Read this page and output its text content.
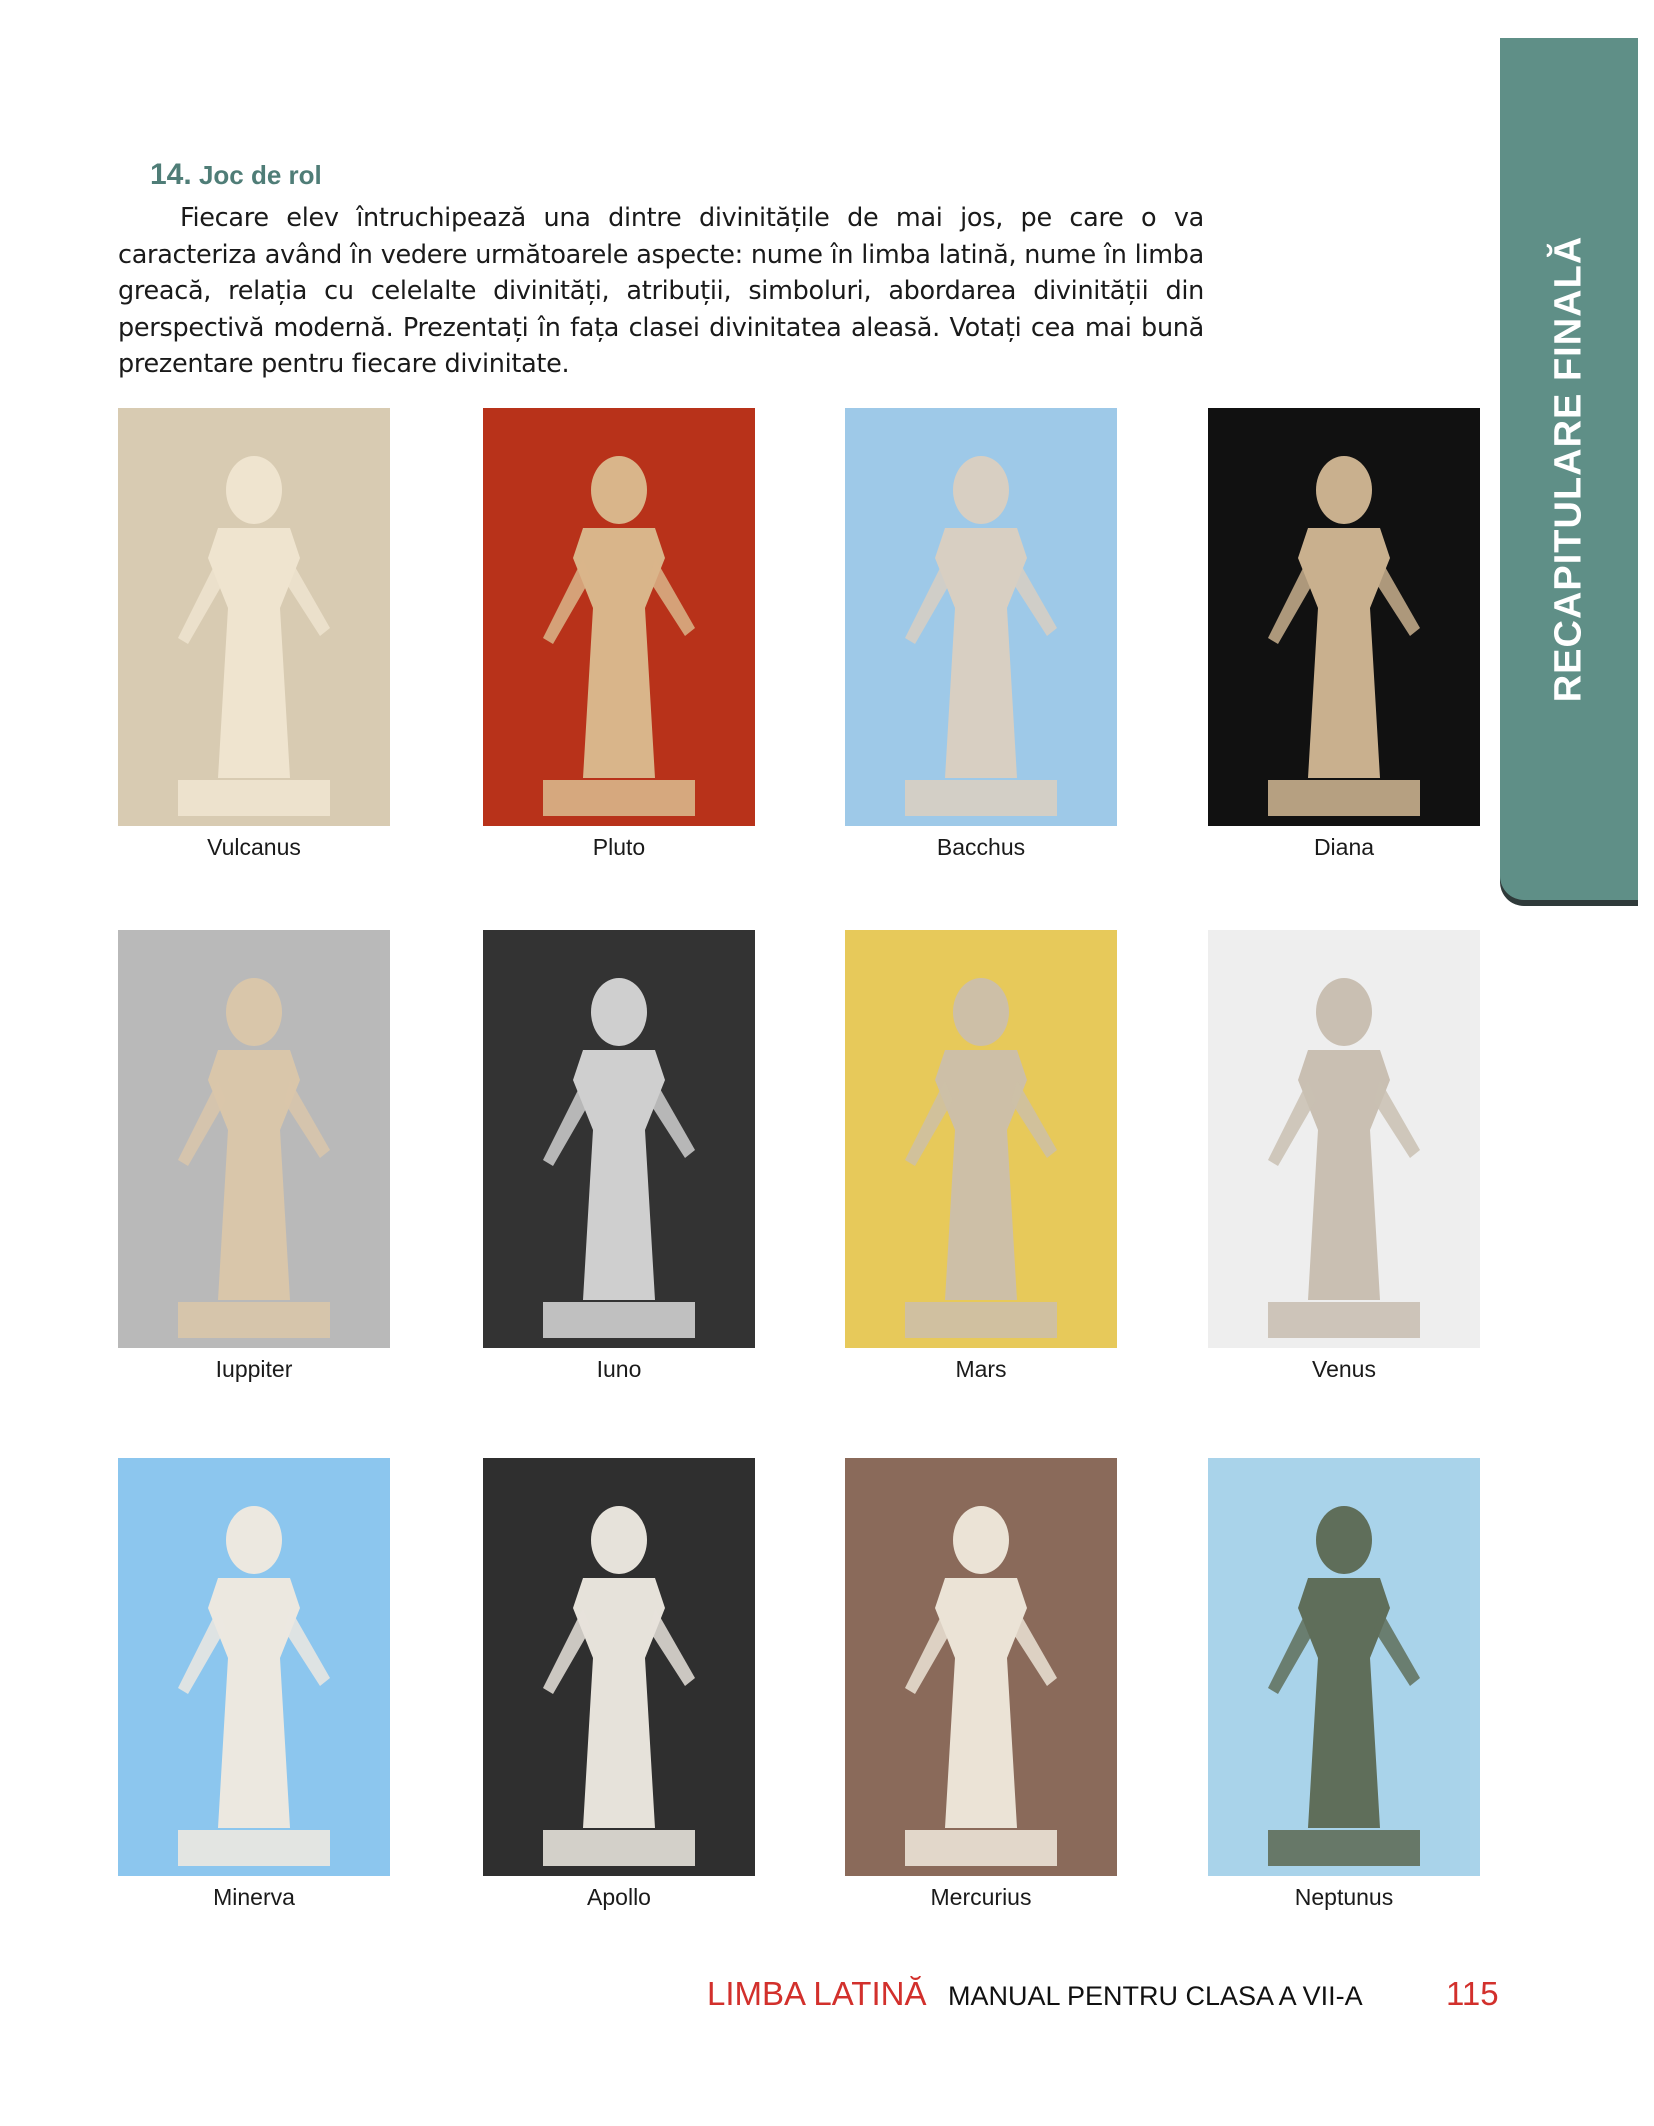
RECAPITULARE FINALĂ
14. Joc de rol
Fiecare elev întruchipează una dintre divinitățile de mai jos, pe care o va caracteriza având în vedere următoarele aspecte: nume în limba latină, nume în limba greacă, relația cu celelalte divinități, atribuții, simboluri, abordarea divinității din perspectivă modernă. Prezentați în fața clasei divinitatea aleasă. Votați cea mai bună prezentare pentru fiecare divinitate.
Vulcanus	Pluto	Bacchus	Diana
Iuppiter	Iuno	Mars	Venus
Minerva	Apollo	Mercurius	Neptunus
LIMBA LATINĂ MANUAL PENTRU CLASA A VII-A	115
